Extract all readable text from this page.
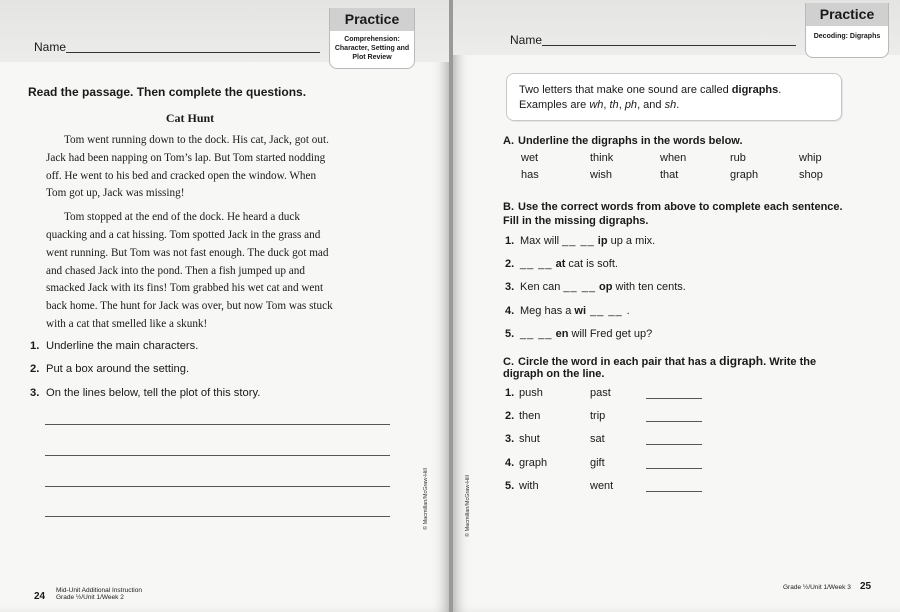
Practice
Comprehension: Character, Setting and Plot Review
Name
Read the passage. Then complete the questions.
Cat Hunt

Tom went running down to the dock. His cat, Jack, got out. Jack had been napping on Tom’s lap. But Tom started nodding off. He went to his bed and cracked open the window. When Tom got up, Jack was missing!

Tom stopped at the end of the dock. He heard a duck quacking and a cat hissing. Tom spotted Jack in the grass and went running. But Tom was not fast enough. The duck got mad and chased Jack into the pond. Then a fish jumped up and smacked Jack with its fins! Tom grabbed his wet cat and went back home. The hunt for Jack was over, but now Tom was stuck with a cat that smelled like a skunk!

1. Underline the main characters.
2. Put a box around the setting.
3. On the lines below, tell the plot of this story.
© Macmillan/McGraw-Hill
24
Mid-Unit Additional Instruction
Grade ½/Unit 1/Week 2
Practice
Decoding: Digraphs
Name
Two letters that make one sound are called digraphs.
Examples are wh, th, ph, and sh.
A. Underline the digraphs in the words below.
wet	think	when	rub	whip
has	wish	that	graph	shop
B. Use the correct words from above to complete each sentence.
Fill in the missing digraphs.
1. Max will __ __ ip up a mix.
2. __ __ at cat is soft.
3. Ken can __ __ op with ten cents.
4. Meg has a wi __ __ .
5. __ __ en will Fred get up?
C. Circle the word in each pair that has a digraph. Write the
digraph on the line.
1. push	past
2. then	trip
3. shut	sat
4. graph	gift
5. with	went
© Macmillan/McGraw-Hill
Grade ½/Unit 1/Week 3 25
